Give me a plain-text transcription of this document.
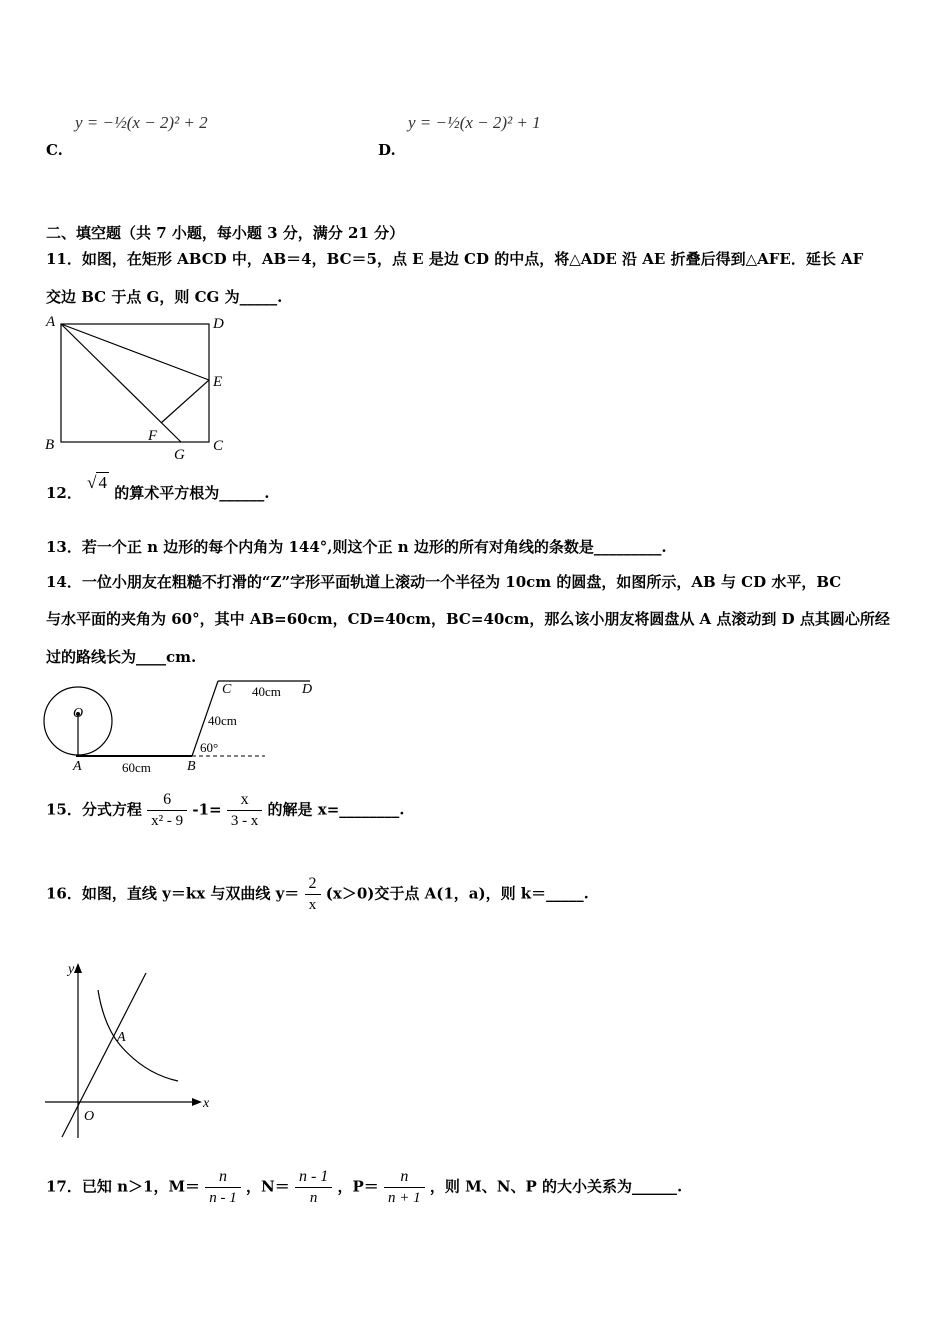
y = −½(x − 2)² + 2
C.
y = −½(x − 2)² + 1
D.
二、填空题（共 7 小题，每小题 3 分，满分 21 分）
11．如图，在矩形 ABCD 中，AB＝4，BC＝5，点 E 是边 CD 的中点，将△ADE 沿 AE 折叠后得到△AFE．延长 AF
交边 BC 于点 G，则 CG 为_____.
A	D
E
B	C
F
G
12． √ 4 的算术平方根为______.
13．若一个正 n 边形的每个内角为 144°,则这个正 n 边形的所有对角线的条数是_________.
14．一位小朋友在粗糙不打滑的“Z”字形平面轨道上滚动一个半径为 10cm 的圆盘，如图所示，AB 与 CD 水平，BC
与水平面的夹角为 60°，其中 AB=60cm，CD=40cm，BC=40cm，那么该小朋友将圆盘从 A 点滚动到 D 点其圆心所经
过的路线长为____cm.
O
A	B
C	D
60cm
40cm
40cm
60°
15．分式方程 $\frac{6}{\text{x² - 9}} -1= \frac{x}{3 - x}$ 的解是 x=________.
16．如图，直线 y＝kx 与双曲线 $y= \frac{2}{x} (x>0)$交于点 A(1，a)，则 k＝_____.
y
x
O
A
17．已知 n＞1，$M= \frac{n}{n - 1}$ ，$N= \frac{n - 1}{n}$ ，$P= \frac{n}{n + 1}$ ，则 M、N、P 的大小关系为______.
